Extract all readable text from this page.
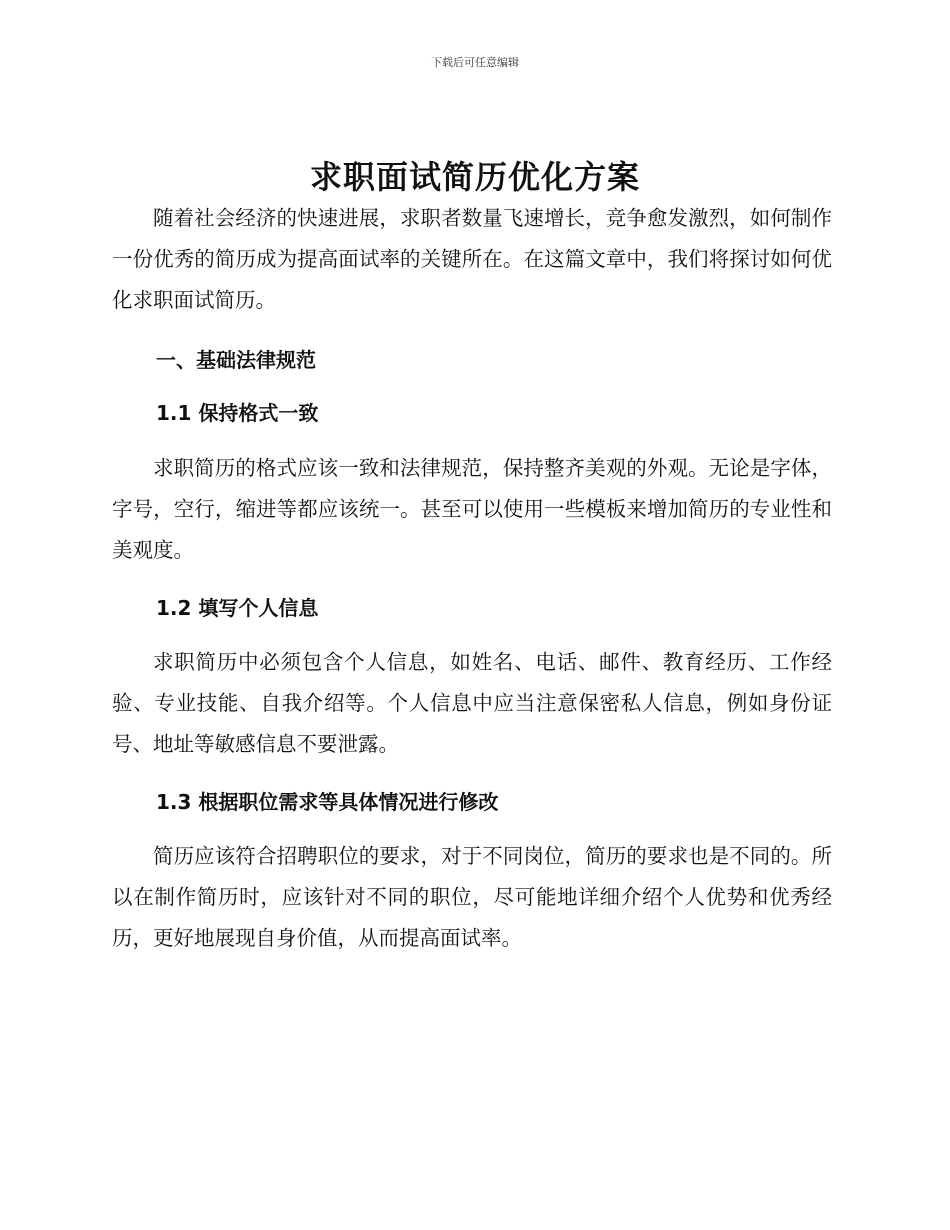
下载后可任意编辑
求职面试简历优化方案

随着社会经济的快速进展，求职者数量飞速增长，竞争愈发激烈，如何制作一份优秀的简历成为提高面试率的关键所在。在这篇文章中，我们将探讨如何优化求职面试简历。

一、基础法律规范
1.1 保持格式一致

求职简历的格式应该一致和法律规范，保持整齐美观的外观。无论是字体，字号，空行，缩进等都应该统一。甚至可以使用一些模板来增加简历的专业性和美观度。

1.2 填写个人信息

求职简历中必须包含个人信息，如姓名、电话、邮件、教育经历、工作经验、专业技能、自我介绍等。个人信息中应当注意保密私人信息，例如身份证号、地址等敏感信息不要泄露。

1.3 根据职位需求等具体情况进行修改

简历应该符合招聘职位的要求，对于不同岗位，简历的要求也是不同的。所以在制作简历时，应该针对不同的职位，尽可能地详细介绍个人优势和优秀经历，更好地展现自身价值，从而提高面试率。
